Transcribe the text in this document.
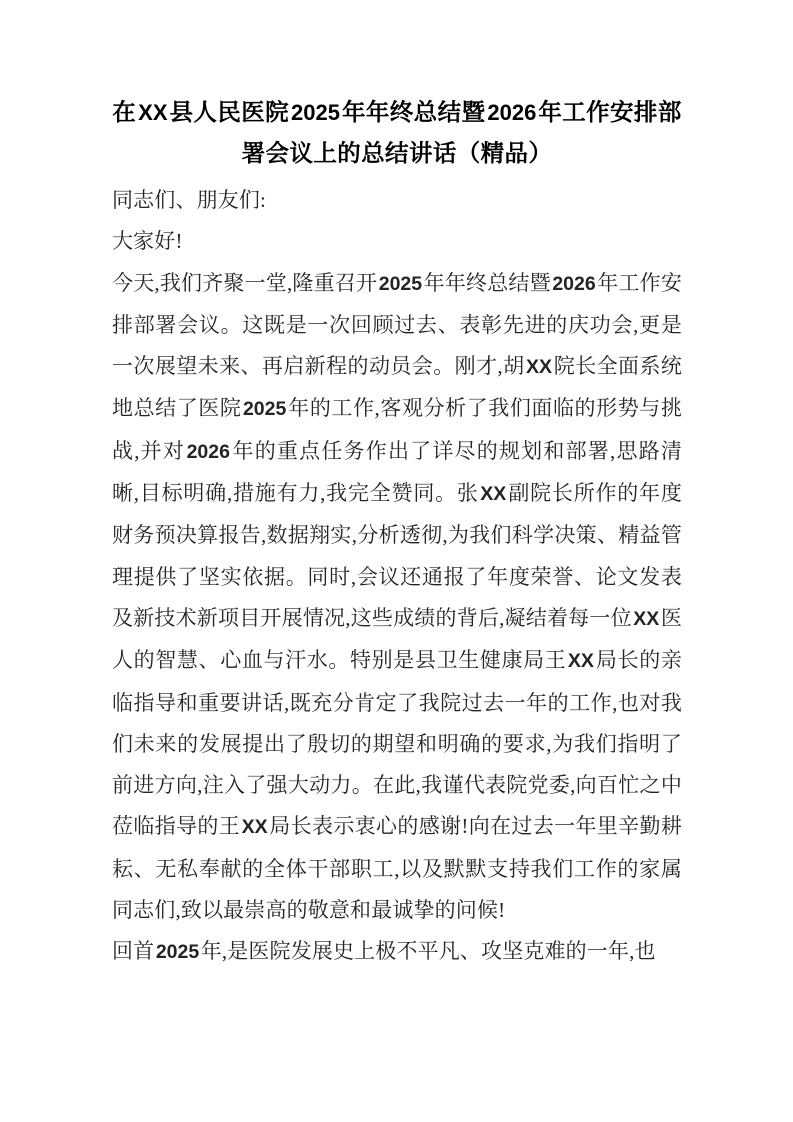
在XX县人民医院2025年年终总结暨2026年工作安排部署会议上的总结讲话（精品）

同志们、朋友们:

大家好!

今天,我们齐聚一堂,隆重召开2025年年终总结暨2026年工作安排部署会议。这既是一次回顾过去、表彰先进的庆功会,更是一次展望未来、再启新程的动员会。刚才,胡XX院长全面系统地总结了医院2025年的工作,客观分析了我们面临的形势与挑战,并对2026年的重点任务作出了详尽的规划和部署,思路清晰,目标明确,措施有力,我完全赞同。张XX副院长所作的年度财务预决算报告,数据翔实,分析透彻,为我们科学决策、精益管理提供了坚实依据。同时,会议还通报了年度荣誉、论文发表及新技术新项目开展情况,这些成绩的背后,凝结着每一位XX医人的智慧、心血与汗水。特别是县卫生健康局王XX局长的亲临指导和重要讲话,既充分肯定了我院过去一年的工作,也对我们未来的发展提出了殷切的期望和明确的要求,为我们指明了前进方向,注入了强大动力。在此,我谨代表院党委,向百忙之中莅临指导的王XX局长表示衷心的感谢!向在过去一年里辛勤耕耘、无私奉献的全体干部职工,以及默默支持我们工作的家属同志们,致以最崇高的敬意和最诚挚的问候!

回首2025年,是医院发展史上极不平凡、攻坚克难的一年,也
